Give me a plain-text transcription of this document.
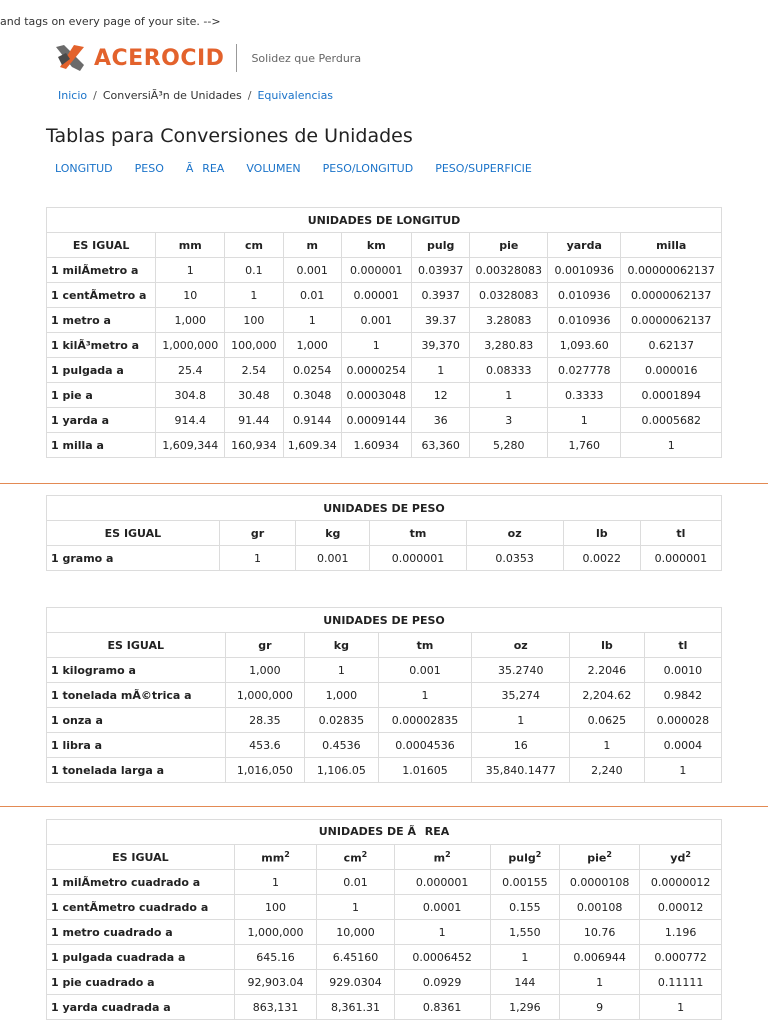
and tags on every page of your site. -->
ACEROCID Solidez que Perdura
Inicio / ConversiÃ³n de Unidades / Equivalencias
Tablas para Conversiones de Unidades
LONGITUD PESO ÃREA VOLUMEN PESO/LONGITUD PESO/SUPERFICIE
UNIDADES DE LONGITUD								
ES IGUAL	mm	cm	m	km	pulg	pie	yarda	milla
1 milÃmetro a	1	0.1	0.001	0.000001	0.03937	0.00328083	0.0010936	0.00000062137
1 centÃmetro a	10	1	0.01	0.00001	0.3937	0.0328083	0.010936	0.0000062137
1 metro a	1,000	100	1	0.001	39.37	3.28083	0.010936	0.0000062137
1 kilÃ³metro a	1,000,000	100,000	1,000	1	39,370	3,280.83	1,093.60	0.62137
1 pulgada a	25.4	2.54	0.0254	0.0000254	1	0.08333	0.027778	0.000016
1 pie a	304.8	30.48	0.3048	0.0003048	12	1	0.3333	0.0001894
1 yarda a	914.4	91.44	0.9144	0.0009144	36	3	1	0.0005682
1 milla a	1,609,344	160,934	1,609.34	1.60934	63,360	5,280	1,760	1
UNIDADES DE PESO						
ES IGUAL	gr	kg	tm	oz	lb	tl
1 gramo a	1	0.001	0.000001	0.0353	0.0022	0.000001
UNIDADES DE PESO						
ES IGUAL	gr	kg	tm	oz	lb	tl
1 kilogramo a	1,000	1	0.001	35.2740	2.2046	0.0010
1 tonelada mÃ©trica a	1,000,000	1,000	1	35,274	2,204.62	0.9842
1 onza a	28.35	0.02835	0.00002835	1	0.0625	0.000028
1 libra a	453.6	0.4536	0.0004536	16	1	0.0004
1 tonelada larga a	1,016,050	1,106.05	1.01605	35,840.1477	2,240	1
UNIDADES DE ÃREA						
ES IGUAL	$mm^2$	$cm^2$	$m^2$	pulg$^2$	pie$^2$	$yd^2$
1 milÃmetro cuadrado a	1	0.01	0.000001	0.00155	0.0000108	0.0000012
1 centÃmetro cuadrado a	100	1	0.0001	0.155	0.00108	0.00012
1 metro cuadrado a	1,000,000	10,000	1	1,550	10.76	1.196
1 pulgada cuadrada a	645.16	6.45160	0.0006452	1	0.006944	0.000772
1 pie cuadrado a	92,903.04	929.0304	0.0929	144	1	0.11111
1 yarda cuadrada a	863,131	8,361.31	0.8361	1,296	9	1
